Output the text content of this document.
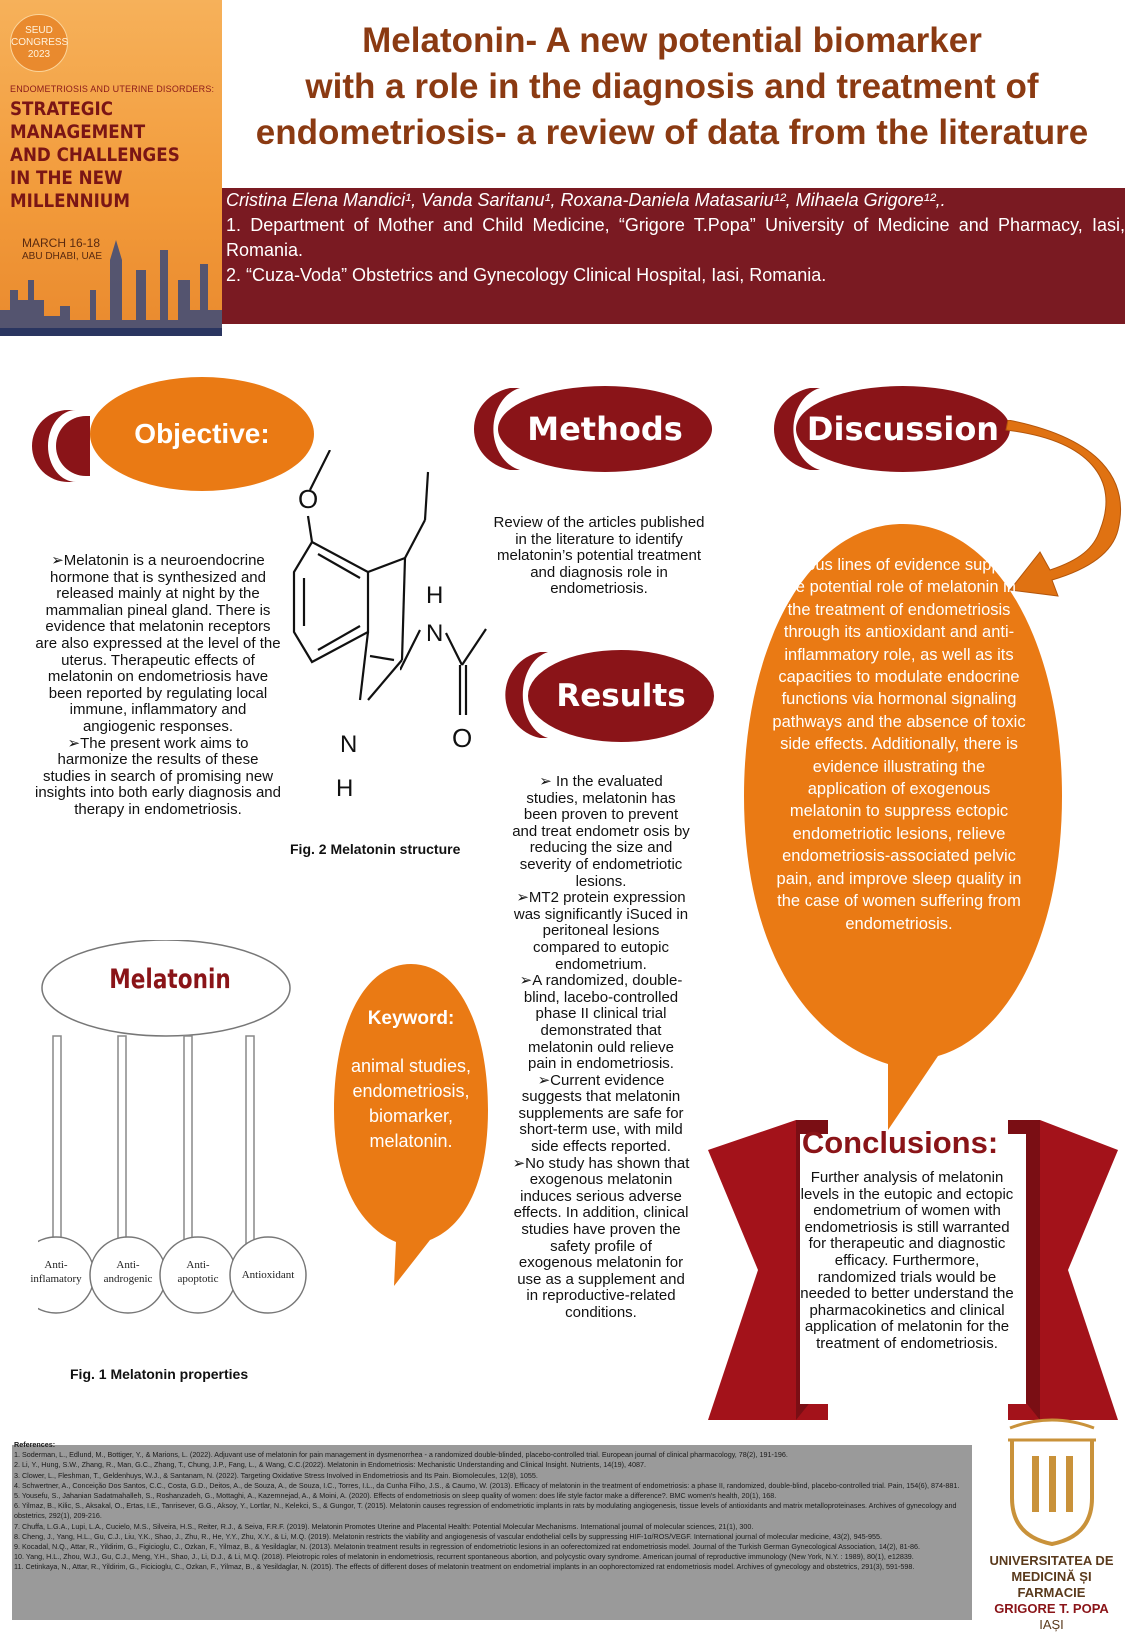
SEUD CONGRESS 2023
ENDOMETRIOSIS AND UTERINE DISORDERS:
STRATEGIC MANAGEMENT AND CHALLENGES IN THE NEW MILLENNIUM
MARCH 16-18
ABU DHABI, UAE
Melatonin- A new potential biomarker
with a role in the diagnosis and treatment of
endometriosis- a review of data from the literature
Cristina Elena Mandici¹, Vanda Saritanu¹, Roxana-Daniela Matasariu¹², Mihaela Grigore¹²,.
1. Department of Mother and Child Medicine, “Grigore T.Popa” University of Medicine and Pharmacy, Iasi, Romania.
2. “Cuza-Voda” Obstetrics and Gynecology Clinical Hospital, Iasi, Romania.
Objective:
➢Melatonin is a neuroendocrine hormone that is synthesized and released mainly at night by the mammalian pineal gland. There is evidence that melatonin receptors are also expressed at the level of the uterus. Therapeutic effects of melatonin on endometriosis have been reported by regulating local immune, inflammatory and angiogenic responses.
➢The present work aims to harmonize the results of these studies in search of promising new insights into both early diagnosis and therapy in endometriosis.
O
N
H
H
N
O
Fig. 2 Melatonin structure
Methods
Review of the articles published in the literature to identify melatonin’s potential treatment and diagnosis role in endometriosis.
Results
➢ In the evaluated studies, melatonin has been proven to prevent and treat endometr osis by reducing the size and severity of endometriotic lesions.
➢MT2 protein expression was significantly iSuced in peritoneal lesions compared to eutopic endometrium.
➢A randomized, double-blind, lacebo-controlled phase II clinical trial demonstrated that melatonin ould relieve pain in endometriosis.
➢Current evidence suggests that melatonin supplements are safe for short-term use, with mild side effects reported.
➢No study has shown that exogenous melatonin induces serious adverse effects. In addition, clinical studies have proven the safety profile of exogenous melatonin for use as a supplement and in reproductive-related conditions.
Discussion
Various lines of evidence support the potential role of melatonin in the treatment of endometriosis through its antioxidant and anti-inflammatory role, as well as its capacities to modulate endocrine functions via hormonal signaling pathways and the absence of toxic side effects. Additionally, there is evidence illustrating the application of exogenous melatonin to suppress ectopic endometriotic lesions, relieve endometriosis-associated pelvic pain, and improve sleep quality in the case of women suffering from endometriosis.
Melatonin
Anti-inflamatory
Anti-androgenic
Anti-apoptotic	Antioxidant
Fig. 1 Melatonin properties
Keyword:
animal studies, endometriosis, biomarker, melatonin.	Conclusions:
Further analysis of melatonin levels in the eutopic and ectopic endometrium of women with endometriosis is still warranted for therapeutic and diagnostic efficacy. Furthermore, randomized trials would be needed to better understand the pharmacokinetics and clinical application of melatonin for the treatment of endometriosis.
References:
1. Soderman, L., Edlund, M., Bottiger, Y., & Marions, L. (2022). Adjuvant use of melatonin for pain management in dysmenorrhea - a randomized double-blinded, placebo-controlled trial. European journal of clinical pharmacology, 78(2), 191-196.
2. Li, Y., Hung, S.W., Zhang, R., Man, G.C., Zhang, T., Chung, J.P., Fang, L., & Wang, C.C.(2022). Melatonin in Endometriosis: Mechanistic Understanding and Clinical Insight. Nutrients, 14(19), 4087.
3. Clower, L., Fleshman, T., Geldenhuys, W.J., & Santanam, N. (2022). Targeting Oxidative Stress Involved in Endometriosis and Its Pain. Biomolecules, 12(8), 1055.
4. Schwertner, A., Conceição Dos Santos, C.C., Costa, G.D., Deitos, A., de Souza, A., de Souza, I.C., Torres, I.L., da Cunha Filho, J.S., & Caumo, W. (2013). Efficacy of melatonin in the treatment of endometriosis: a phase II, randomized, double-blind, placebo-controlled trial. Pain, 154(6), 874-881.
5. Yousefu, S., Jahanian Sadatmahalleh, S., Roshanzadeh, G., Mottaghi, A., Kazemnejad, A., & Moini, A. (2020). Effects of endometriosis on sleep quality of women: does life style factor make a difference?. BMC women's health, 20(1), 168.
6. Yilmaz, B., Kilic, S., Aksakal, O., Ertas, I.E., Tanrisever, G.G., Aksoy, Y., Lortlar, N., Kelekci, S., & Gungor, T. (2015). Melatonin causes regression of endometriotic implants in rats by modulating angiogenesis, tissue levels of antioxidants and matrix metalloproteinases. Archives of gynecology and obstetrics, 292(1), 209-216.
7. Chuffa, L.G.A., Lupi, L.A., Cucielo, M.S., Silveira, H.S., Reiter, R.J., & Seiva, F.R.F. (2019). Melatonin Promotes Uterine and Placental Health: Potential Molecular Mechanisms. International journal of molecular sciences, 21(1), 300.
8. Cheng, J., Yang, H.L., Gu, C.J., Liu, Y.K., Shao, J., Zhu, R., He, Y.Y., Zhu, X.Y., & Li, M.Q. (2019). Melatonin restricts the viability and angiogenesis of vascular endothelial cells by suppressing HIF-1α/ROS/VEGF. International journal of molecular medicine, 43(2), 945-955.
9. Kocadal, N.Q., Attar, R., Yildirim, G., Figicioglu, C., Ozkan, F., Yilmaz, B., & Yesildaglar, N. (2013). Melatonin treatment results in regression of endometriotic lesions in an ooferectomized rat endometriosis model. Journal of the Turkish German Gynecological Association, 14(2), 81-86.
10. Yang, H.L., Zhou, W.J., Gu, C.J., Meng, Y.H., Shao, J., Li, D.J., & Li, M.Q. (2018). Pleiotropic roles of melatonin in endometriosis, recurrent spontaneous abortion, and polycystic ovary syndrome. American journal of reproductive immunology (New York, N.Y. : 1989), 80(1), e12839.
11. Cetinkaya, N., Attar, R., Yildirim, G., Ficicioglu, C., Ozkan, F., Yilmaz, B., & Yesildaglar, N. (2015). The effects of different doses of melatonin treatment on endometrial implants in an oophorectomized rat endometriosis model. Archives of gynecology and obstetrics, 291(3), 591-598.	UNIVERSITATEA DE
MEDICINĂ ȘI FARMACIE
GRIGORE T. POPA
IAȘI
